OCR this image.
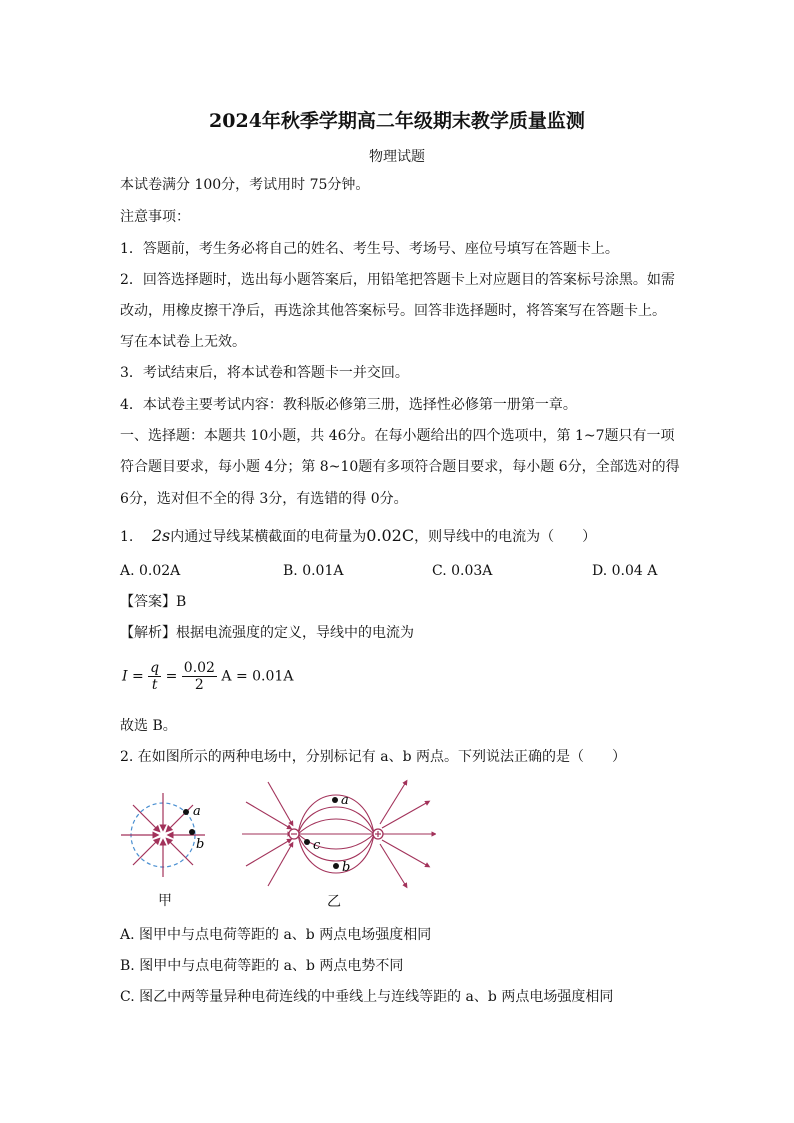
2024年秋季学期高二年级期末教学质量监测
物理试题
本试卷满分 100分，考试用时 75分钟。
注意事项：
1．答题前，考生务必将自己的姓名、考生号、考场号、座位号填写在答题卡上。
2．回答选择题时，选出每小题答案后，用铅笔把答题卡上对应题目的答案标号涂黑。如需
改动，用橡皮擦干净后，再选涂其他答案标号。回答非选择题时，将答案写在答题卡上。
写在本试卷上无效。
3．考试结束后，将本试卷和答题卡一并交回。
4．本试卷主要考试内容：教科版必修第三册，选择性必修第一册第一章。
一、选择题：本题共 10小题，共 46分。在每小题给出的四个选项中，第 1~7题只有一项
符合题目要求，每小题 4分；第 8~10题有多项符合题目要求，每小题 6分，全部选对的得
6分，选对但不全的得 3分，有选错的得 0分。
1. 2s内通过导线某横截面的电荷量为0.02C，则导线中的电流为（　　）
A. 0.02A	B. 0.01A	C. 0.03A	D. 0.04 A
【答案】B
【解析】根据电流强度的定义，导线中的电流为
$I = \frac{q}{t} = \frac{0.02}{2}$ A = 0.01A
故选 B。
2. 在如图所示的两种电场中，分别标记有 a、b 两点。下列说法正确的是（　　）
a
b
甲
a
c
b
乙
A. 图甲中与点电荷等距的 a、b 两点电场强度相同
B. 图甲中与点电荷等距的 a、b 两点电势不同
C. 图乙中两等量异种电荷连线的中垂线上与连线等距的 a、b 两点电场强度相同
